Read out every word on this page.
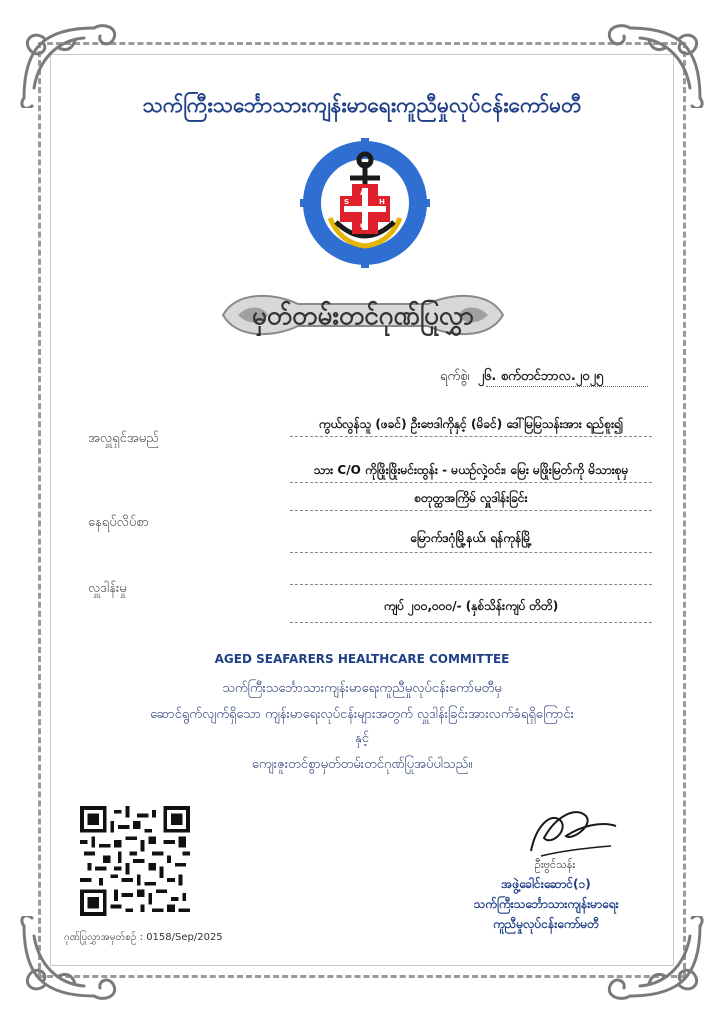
သက်ကြီးသင်္ဘောသားကျန်းမာရေးကူညီမှုလုပ်ငန်းကော်မတီ
A
S	H
C
မှတ်တမ်းတင်ဂုဏ်ပြုလွှာ
ရက်စွဲ၊ ၂၆. စက်တင်ဘာလ.၂၀၂၅
အလှူရှင်အမည်
ကွယ်လွန်သူ (ဖခင်) ဦးဗေဒါကိုနှင့် (မိခင်) ဒေါ်မြမြသန်းအား ရည်စူး၍
သား C/O ကိုဖြိုးဖြိုးမင်းထွန်း - မယဥ်လှဲ့ဝင်း၊ မြေး မဖြိုးမြတ်ကို မိသားစုမှ
နေရပ်လိပ်စာ
စတုတ္ထအကြိမ် လှူဒါန်းခြင်း
မြောက်ဒဂုံမြို့နယ်၊ ရန်ကုန်မြို့
လှူဒါန်းမှု
ကျပ် ၂၀၀,၀၀၀/- (နှစ်သိန်းကျပ် တိတိ)
AGED SEAFARERS HEALTHCARE COMMITTEE
သက်ကြီးသင်္ဘောသားကျန်းမာရေးကူညီမှုလုပ်ငန်းကော်မတီမှ
ဆောင်ရွက်လျက်ရှိသော ကျန်းမာရေးလုပ်ငန်းများအတွက် လှူဒါန်းခြင်းအားလက်ခံရရှိကြောင်း
နှင့်
ကျေးဇူးတင်စွာမှတ်တမ်းတင်ဂုဏ်ပြုအပ်ပါသည်။
ဂုဏ်ပြုလွှာအမှတ်စဉ် : 0158/Sep/2025
ဦးဗွင်သန်း
အဖွဲ့ခေါင်းဆောင်(၁)
သက်ကြီးသင်္ဘောသားကျန်းမာရေး
ကူညီမှုလုပ်ငန်းကော်မတီ
